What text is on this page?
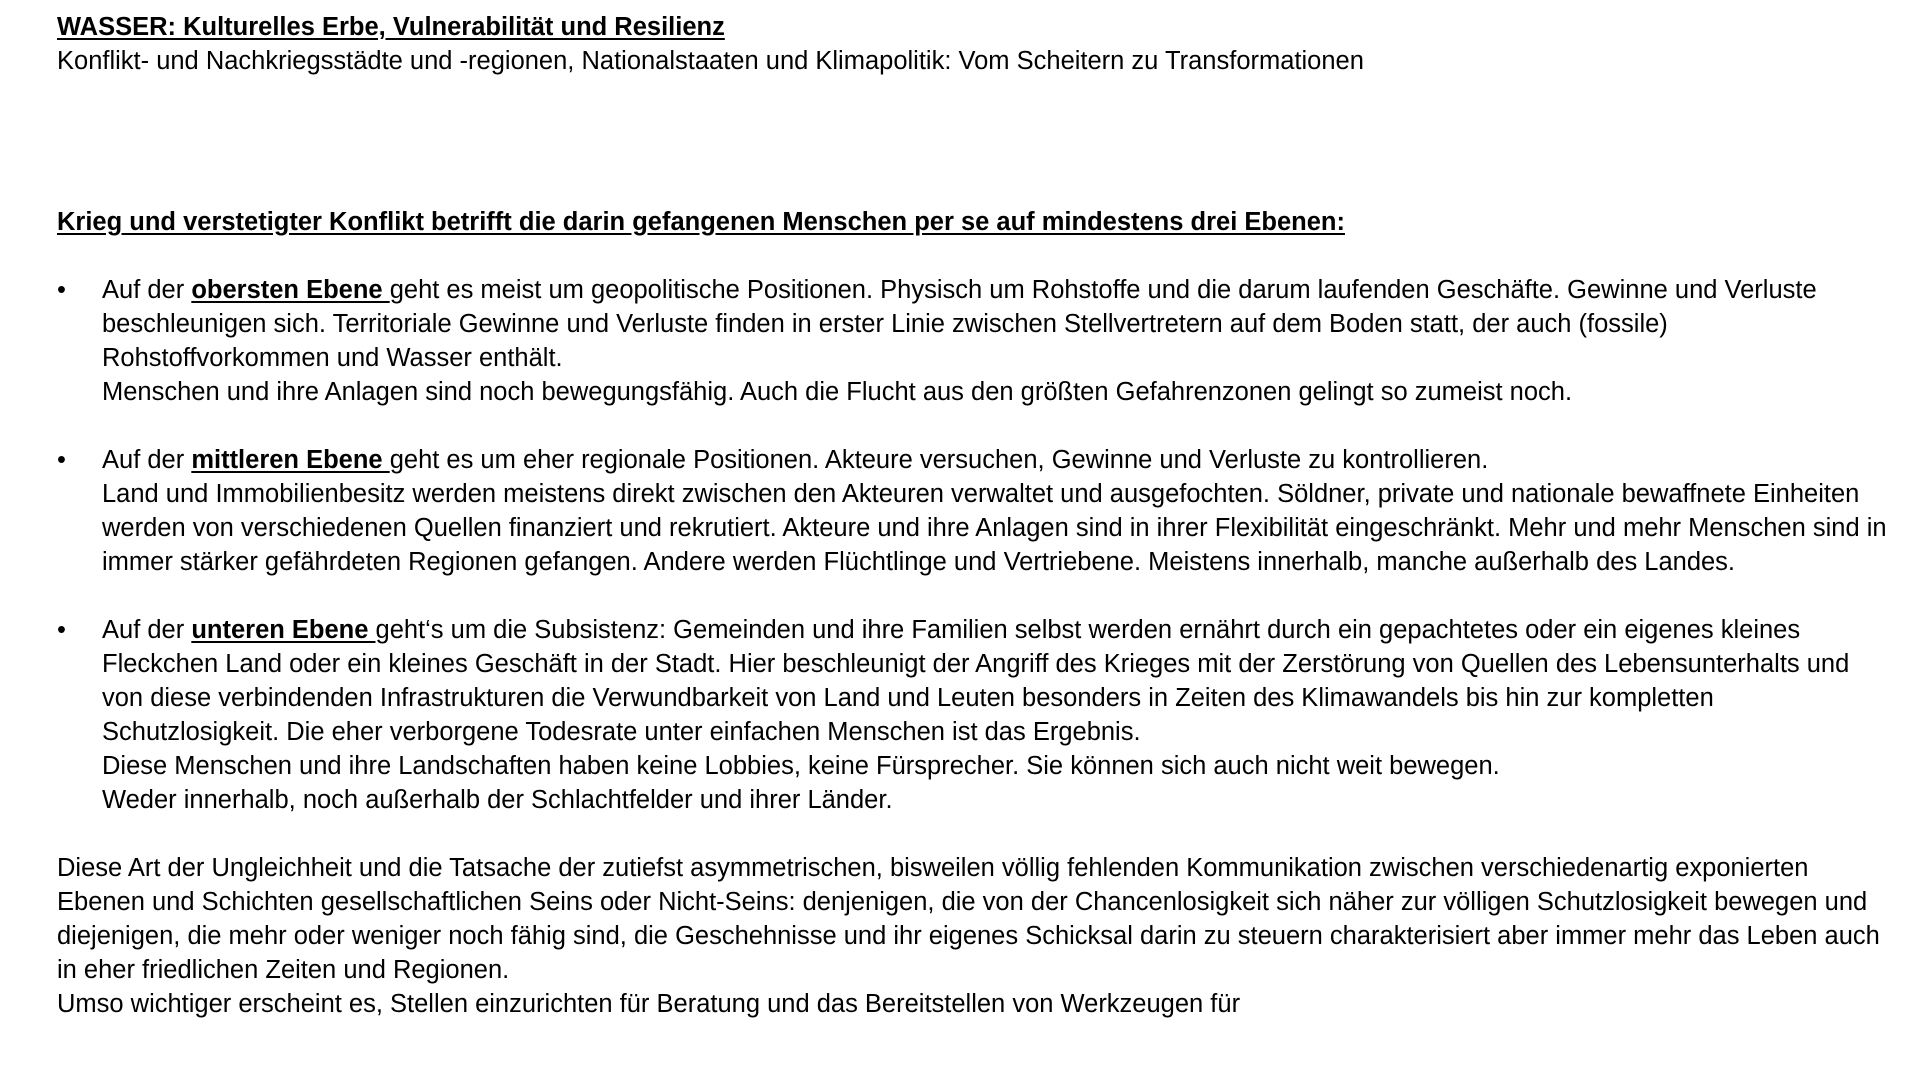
WASSER: Kulturelles Erbe, Vulnerabilität und Resilienz

Konflikt- und Nachkriegsstädte und -regionen, Nationalstaaten und Klimapolitik: Vom Scheitern zu Transformationen

Krieg und verstetigter Konflikt betrifft die darin gefangenen Menschen per se auf mindestens drei Ebenen:

• Auf der obersten Ebene geht es meist um geopolitische Positionen. Physisch um Rohstoffe und die darum laufenden Geschäfte. Gewinne und Verluste beschleunigen sich. Territoriale Gewinne und Verluste finden in erster Linie zwischen Stellvertretern auf dem Boden statt, der auch (fossile) Rohstoffvorkommen und Wasser enthält.

Menschen und ihre Anlagen sind noch bewegungsfähig. Auch die Flucht aus den größten Gefahrenzonen gelingt so zumeist noch.

• Auf der mittleren Ebene geht es um eher regionale Positionen. Akteure versuchen, Gewinne und Verluste zu kontrollieren.

Land und Immobilienbesitz werden meistens direkt zwischen den Akteuren verwaltet und ausgefochten. Söldner, private und nationale bewaffnete Einheiten werden von verschiedenen Quellen finanziert und rekrutiert. Akteure und ihre Anlagen sind in ihrer Flexibilität eingeschränkt. Mehr und mehr Menschen sind in immer stärker gefährdeten Regionen gefangen. Andere werden Flüchtlinge und Vertriebene. Meistens innerhalb, manche außerhalb des Landes.

• Auf der unteren Ebene geht‘s um die Subsistenz: Gemeinden und ihre Familien selbst werden ernährt durch ein gepachtetes oder ein eigenes kleines Fleckchen Land oder ein kleines Geschäft in der Stadt. Hier beschleunigt der Angriff des Krieges mit der Zerstörung von Quellen des Lebensunterhalts und von diese verbindenden Infrastrukturen die Verwundbarkeit von Land und Leuten besonders in Zeiten des Klimawandels bis hin zur kompletten Schutzlosigkeit. Die eher verborgene Todesrate unter einfachen Menschen ist das Ergebnis.

Diese Menschen und ihre Landschaften haben keine Lobbies, keine Fürsprecher. Sie können sich auch nicht weit bewegen.

Weder innerhalb, noch außerhalb der Schlachtfelder und ihrer Länder.

Diese Art der Ungleichheit und die Tatsache der zutiefst asymmetrischen, bisweilen völlig fehlenden Kommunikation zwischen verschiedenartig exponierten Ebenen und Schichten gesellschaftlichen Seins oder Nicht-Seins: denjenigen, die von der Chancenlosigkeit sich näher zur völligen Schutzlosigkeit bewegen und diejenigen, die mehr oder weniger noch fähig sind, die Geschehnisse und ihr eigenes Schicksal darin zu steuern charakterisiert aber immer mehr das Leben auch in eher friedlichen Zeiten und Regionen.

Umso wichtiger erscheint es, Stellen einzurichten für Beratung und das Bereitstellen von Werkzeugen für
